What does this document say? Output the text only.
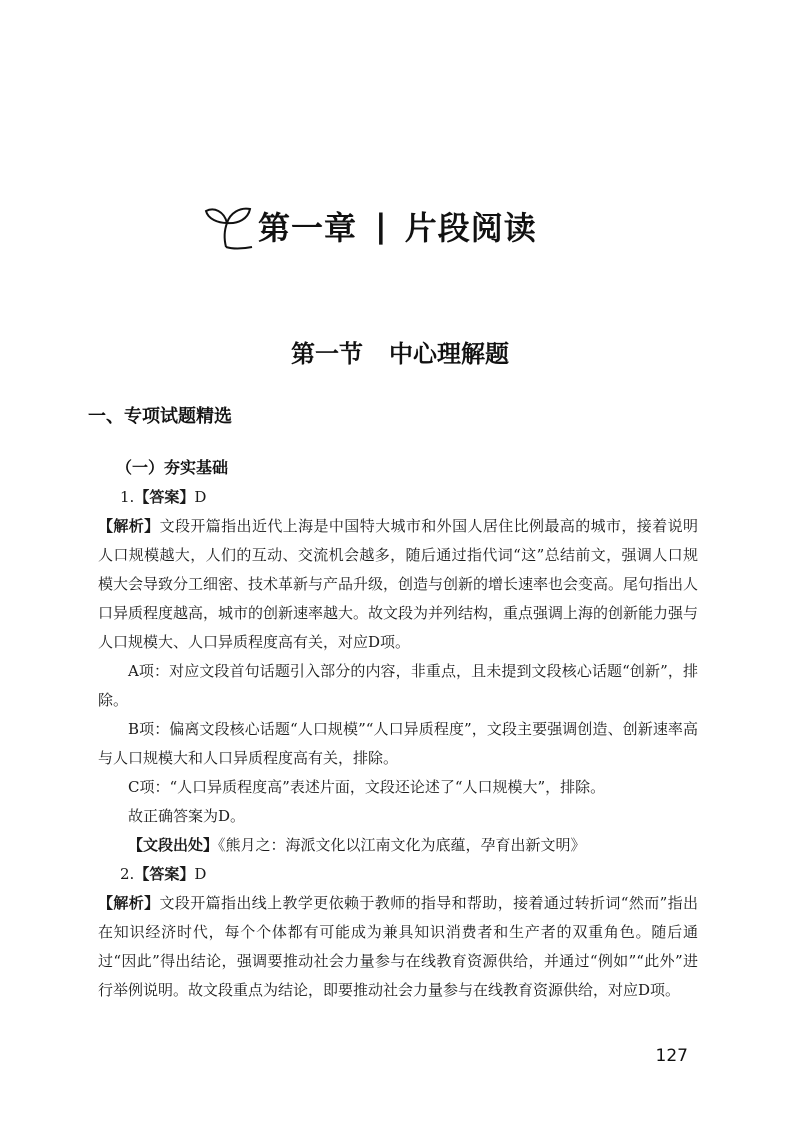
第一章 | 片段阅读
第一节 中心理解题
一、专项试题精选
（一）夯实基础

1.【答案】D

【解析】文段开篇指出近代上海是中国特大城市和外国人居住比例最高的城市，接着说明人口规模越大，人们的互动、交流机会越多，随后通过指代词“这”总结前文，强调人口规模大会导致分工细密、技术革新与产品升级，创造与创新的增长速率也会变高。尾句指出人口异质程度越高，城市的创新速率越大。故文段为并列结构，重点强调上海的创新能力强与人口规模大、人口异质程度高有关，对应D项。

A项：对应文段首句话题引入部分的内容，非重点，且未提到文段核心话题“创新”，排除。

B项：偏离文段核心话题“人口规模”“人口异质程度”，文段主要强调创造、创新速率高与人口规模大和人口异质程度高有关，排除。

C项：“人口异质程度高”表述片面，文段还论述了“人口规模大”，排除。

故正确答案为D。

【文段出处】《熊月之：海派文化以江南文化为底蕴，孕育出新文明》

2.【答案】D

【解析】文段开篇指出线上教学更依赖于教师的指导和帮助，接着通过转折词“然而”指出在知识经济时代，每个个体都有可能成为兼具知识消费者和生产者的双重角色。随后通过“因此”得出结论，强调要推动社会力量参与在线教育资源供给，并通过“例如”“此外”进行举例说明。故文段重点为结论，即要推动社会力量参与在线教育资源供给，对应D项。

127
